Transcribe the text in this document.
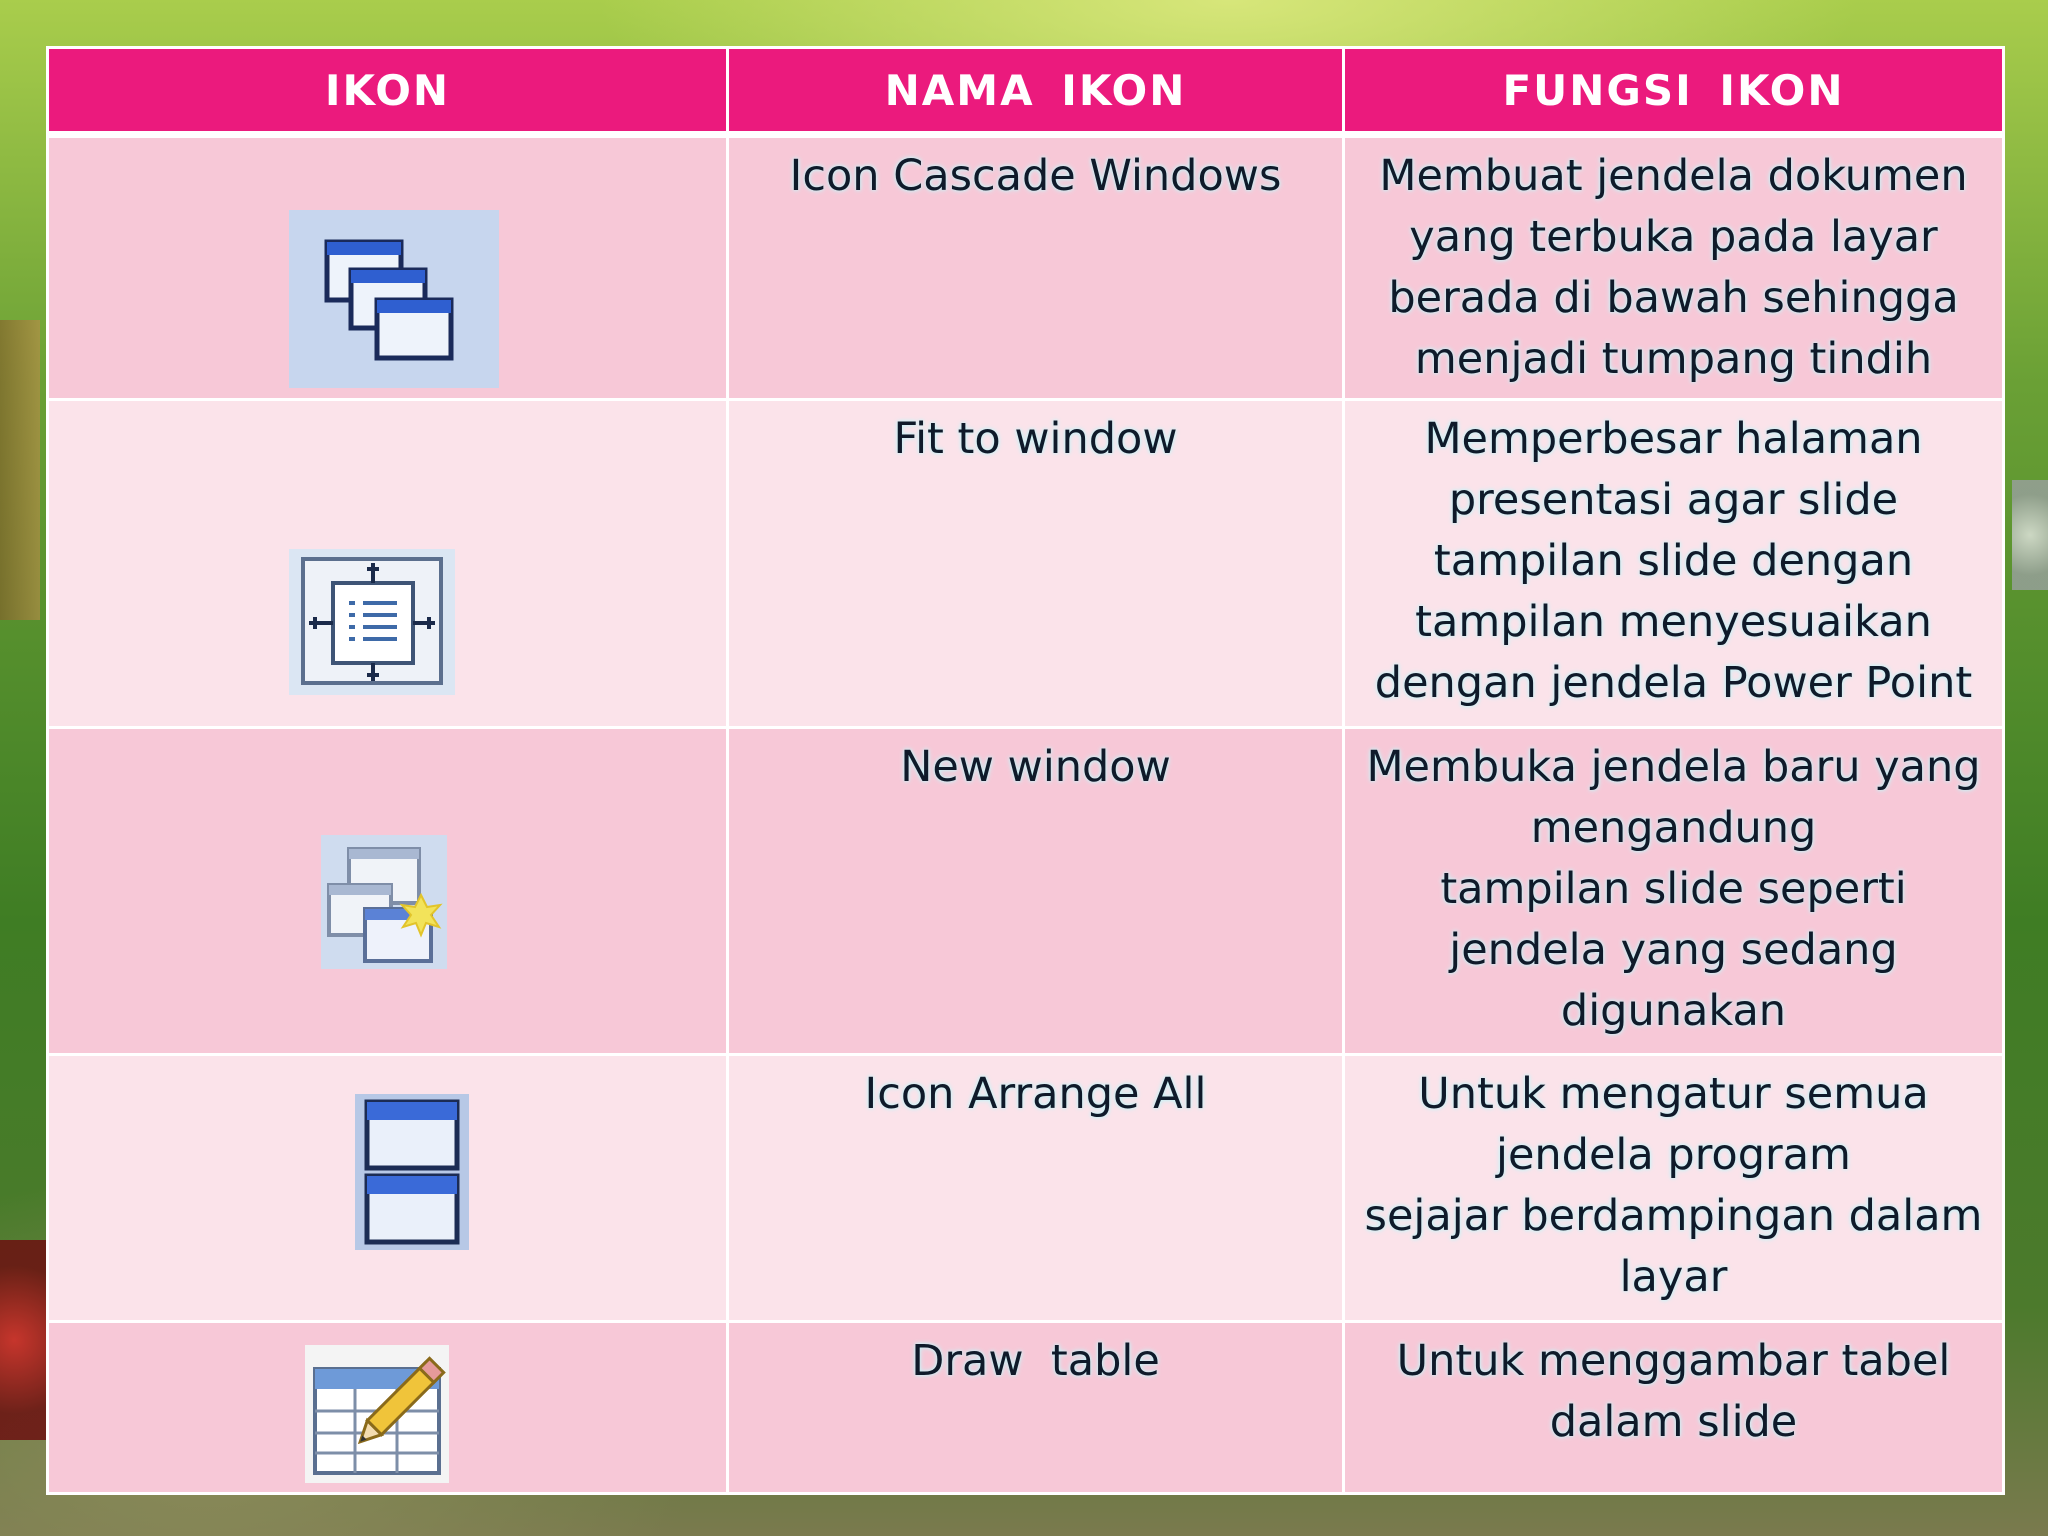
IKON	NAMA IKON	FUNGSI IKON

	Icon Cascade Windows	Membuat jendela dokumen
yang terbuka pada layar
berada di bawah sehingga
menjadi tumpang tindih

	Fit to window	Memperbesar halaman
presentasi agar slide
tampilan slide dengan
tampilan menyesuaikan
dengan jendela Power Point

	New window	Membuka jendela baru yang
mengandung
tampilan slide seperti
jendela yang sedang
digunakan

	Icon Arrange All	Untuk mengatur semua
jendela program
sejajar berdampingan dalam
layar

	Draw  table	Untuk menggambar tabel
dalam slide
